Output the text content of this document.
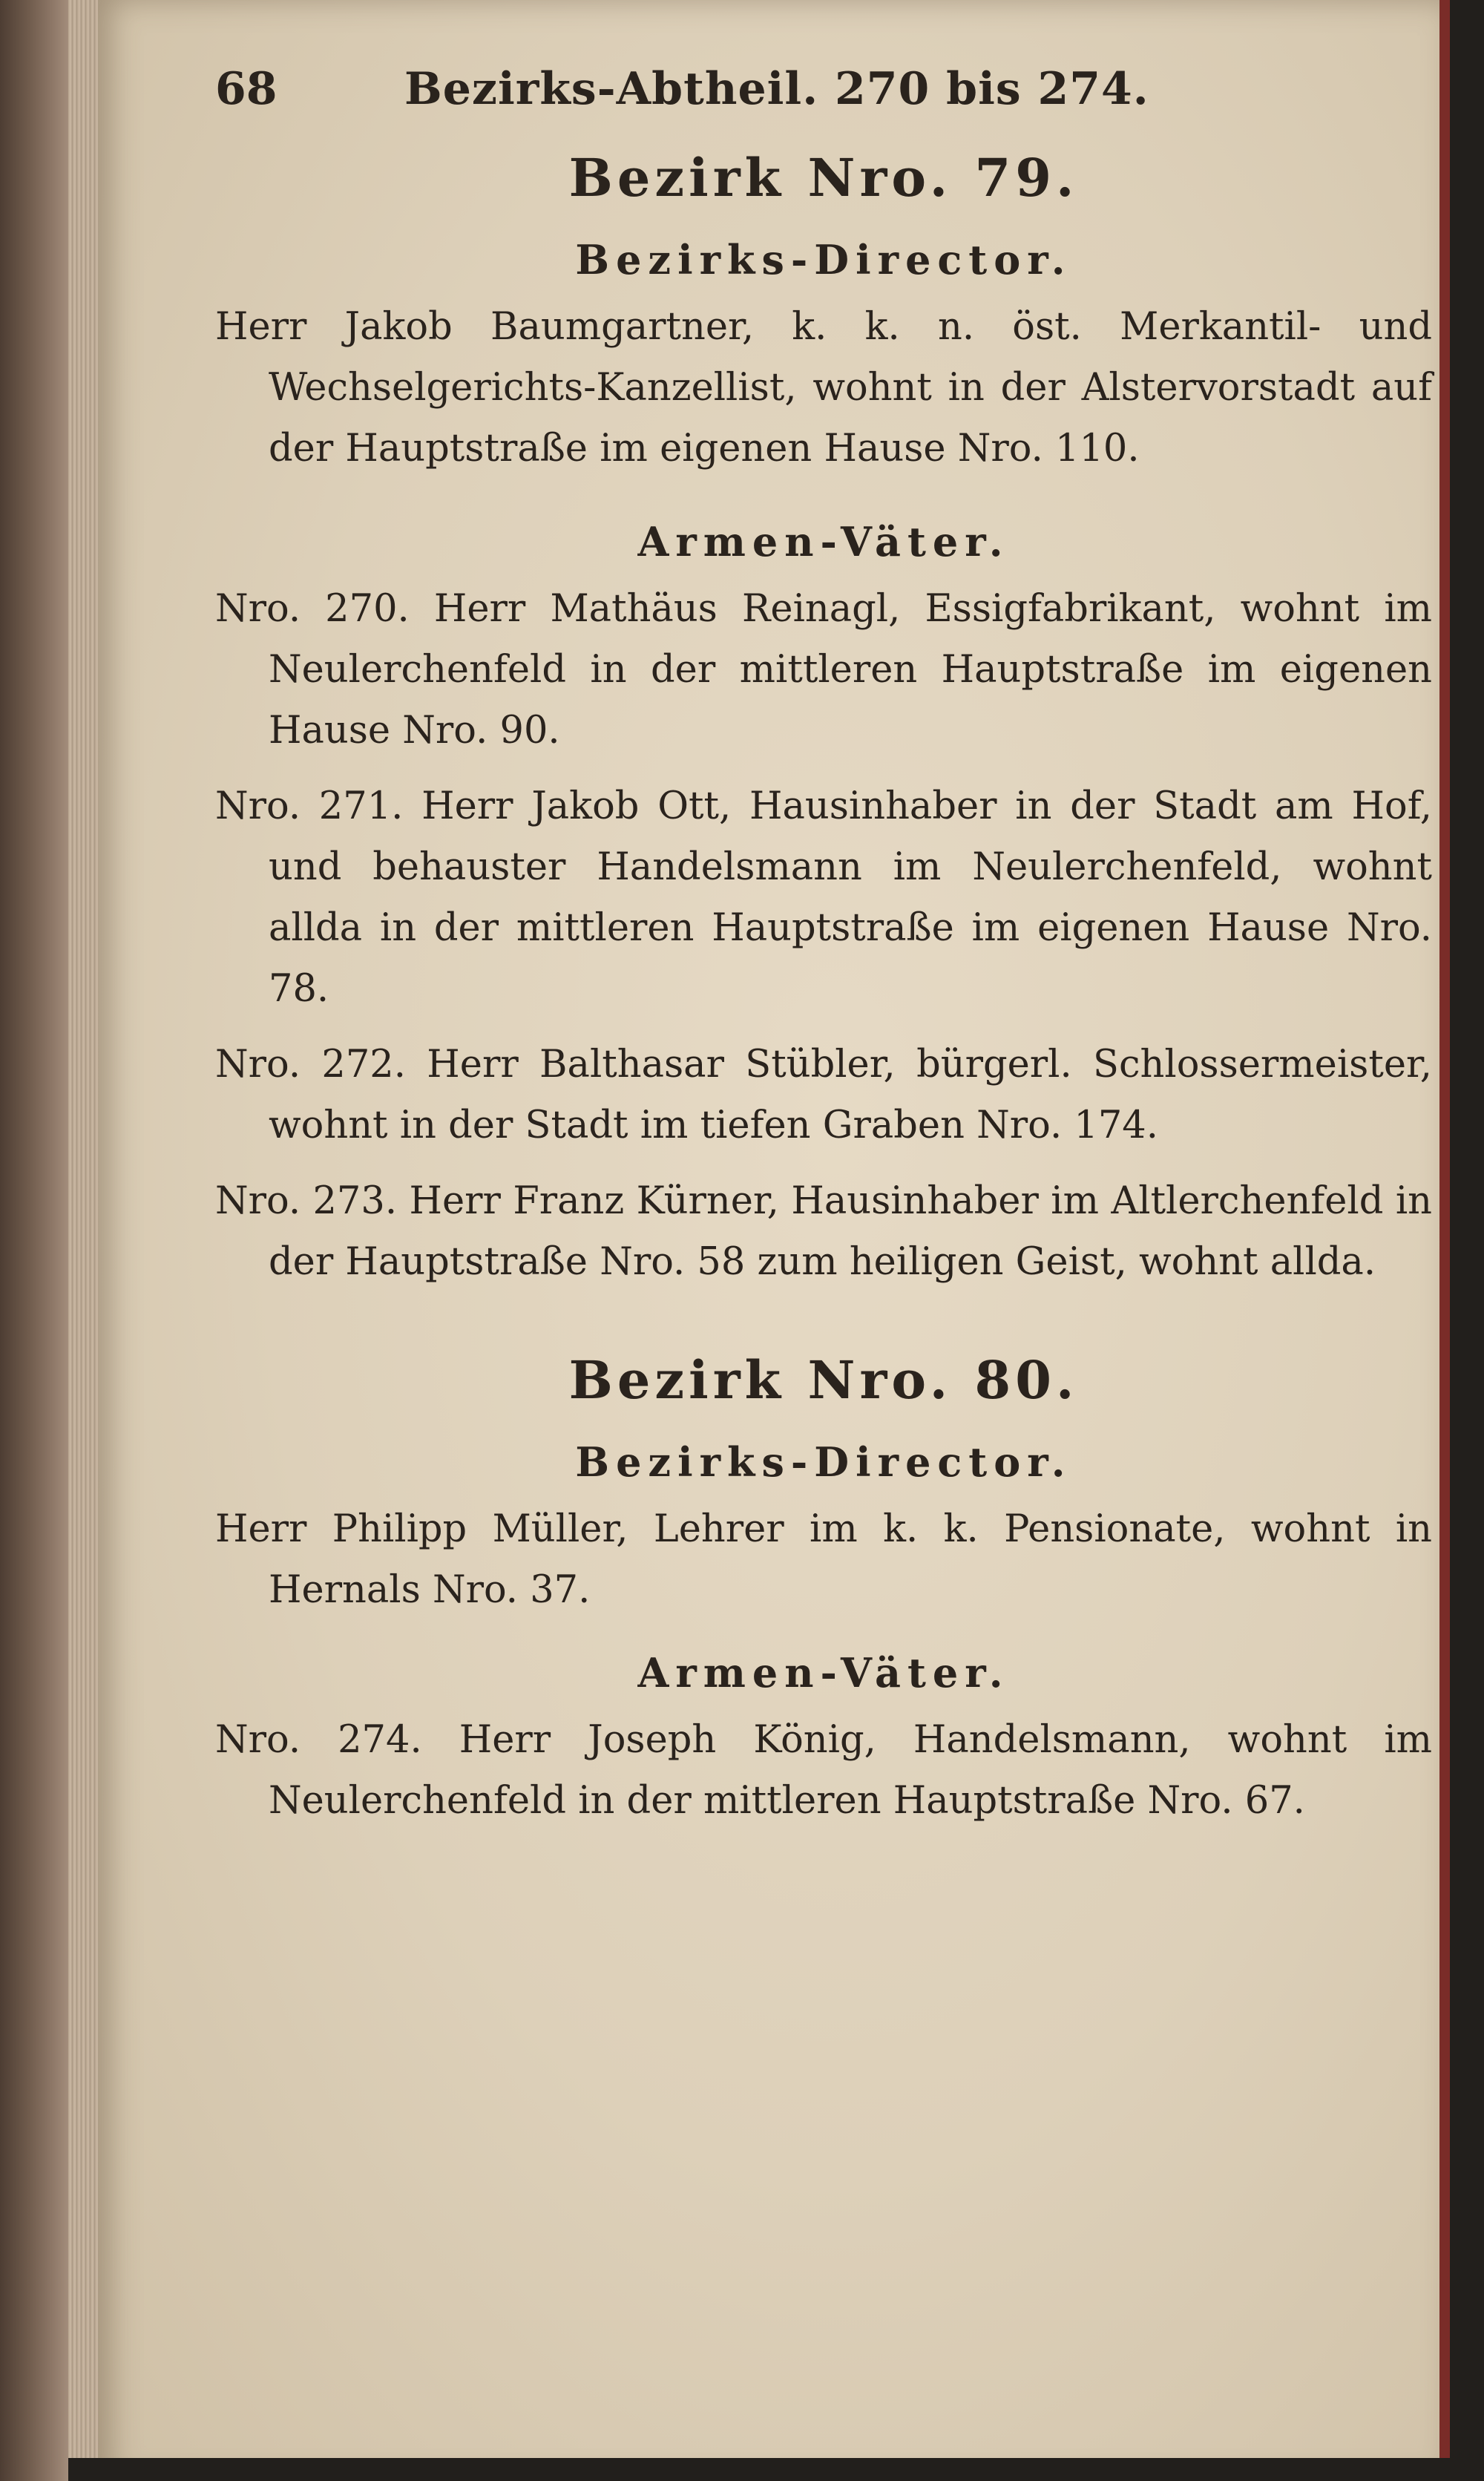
68	Bezirks-Abtheil. 270 bis 274.
Bezirk Nro. 79.
Bezirks-Director.
Herr Jakob Baumgartner, k. k. n. öst. Merkantil- und Wechselgerichts-Kanzellist, wohnt in der Alstervorstadt auf der Hauptstraße im eigenen Hause Nro. 110.
Armen-Väter.
Nro. 270. Herr Mathäus Reinagl, Essigfabrikant, wohnt im Neulerchenfeld in der mittleren Hauptstraße im eigenen Hause Nro. 90.
Nro. 271. Herr Jakob Ott, Hausinhaber in der Stadt am Hof, und behauster Handelsmann im Neulerchenfeld, wohnt allda in der mittleren Hauptstraße im eigenen Hause Nro. 78.
Nro. 272. Herr Balthasar Stübler, bürgerl. Schlossermeister, wohnt in der Stadt im tiefen Graben Nro. 174.
Nro. 273. Herr Franz Kürner, Hausinhaber im Altlerchenfeld in der Hauptstraße Nro. 58 zum heiligen Geist, wohnt allda.
Bezirk Nro. 80.
Bezirks-Director.
Herr Philipp Müller, Lehrer im k. k. Pensionate, wohnt in Hernals Nro. 37.
Armen-Väter.
Nro. 274. Herr Joseph König, Handelsmann, wohnt im Neulerchenfeld in der mittleren Hauptstraße Nro. 67.
